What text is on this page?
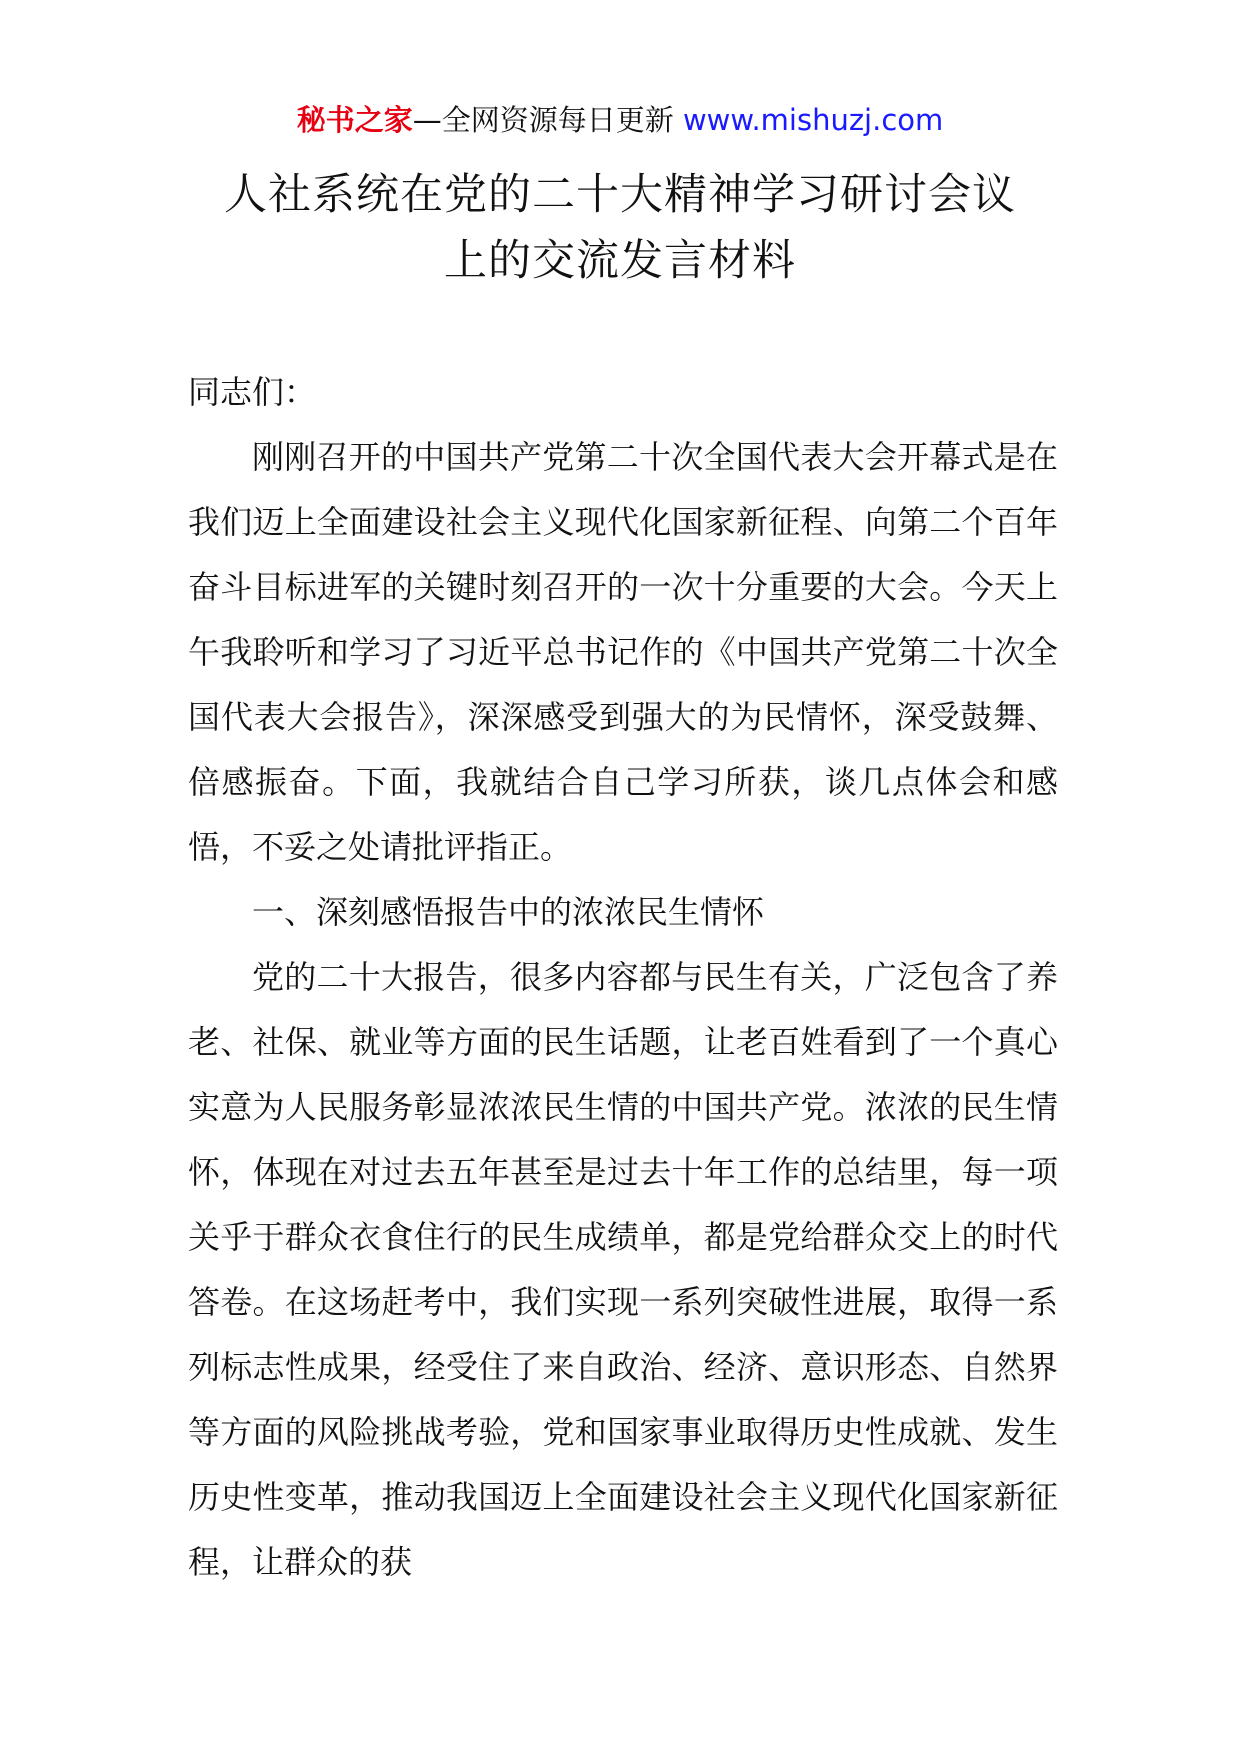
秘书之家—全网资源每日更新 www.mishuzj.com
人社系统在党的二十大精神学习研讨会议
上的交流发言材料

同志们：

刚刚召开的中国共产党第二十次全国代表大会开幕式是在我们迈上全面建设社会主义现代化国家新征程、向第二个百年奋斗目标进军的关键时刻召开的一次十分重要的大会。今天上午我聆听和学习了习近平总书记作的《中国共产党第二十次全国代表大会报告》，深深感受到强大的为民情怀，深受鼓舞、倍感振奋。下面，我就结合自己学习所获，谈几点体会和感悟，不妥之处请批评指正。

一、深刻感悟报告中的浓浓民生情怀

党的二十大报告，很多内容都与民生有关，广泛包含了养老、社保、就业等方面的民生话题，让老百姓看到了一个真心实意为人民服务彰显浓浓民生情的中国共产党。浓浓的民生情怀，体现在对过去五年甚至是过去十年工作的总结里，每一项关乎于群众衣食住行的民生成绩单，都是党给群众交上的时代答卷。在这场赶考中，我们实现一系列突破性进展，取得一系列标志性成果，经受住了来自政治、经济、意识形态、自然界等方面的风险挑战考验，党和国家事业取得历史性成就、发生历史性变革，推动我国迈上全面建设社会主义现代化国家新征程，让群众的获
